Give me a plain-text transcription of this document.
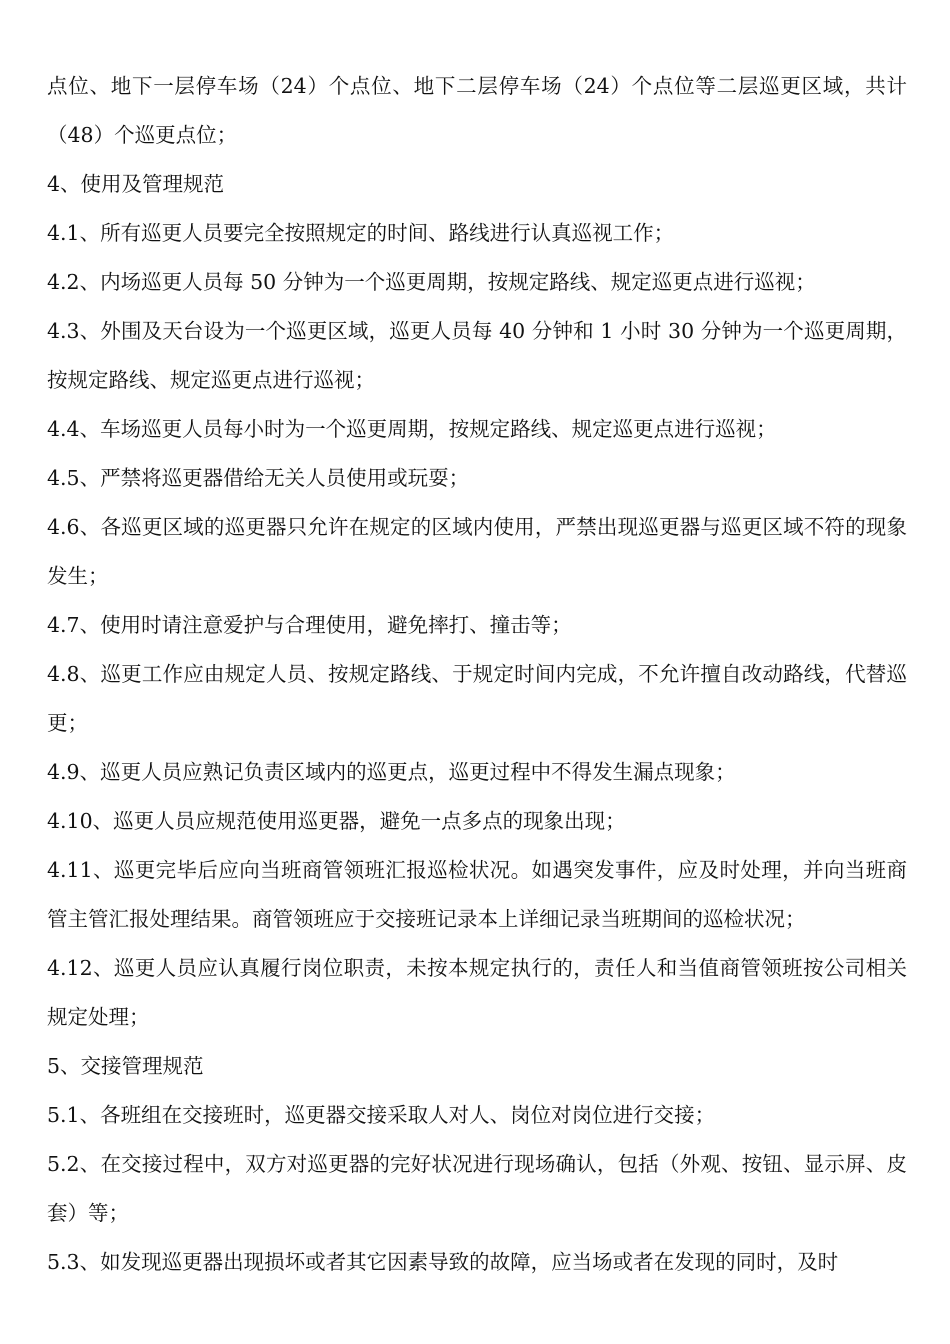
点位、地下一层停车场（24）个点位、地下二层停车场（24）个点位等二层巡更区域，共计（48）个巡更点位；

4、使用及管理规范

4.1、所有巡更人员要完全按照规定的时间、路线进行认真巡视工作；

4.2、内场巡更人员每 50 分钟为一个巡更周期，按规定路线、规定巡更点进行巡视；

4.3、外围及天台设为一个巡更区域，巡更人员每 40 分钟和 1 小时 30 分钟为一个巡更周期，按规定路线、规定巡更点进行巡视；

4.4、车场巡更人员每小时为一个巡更周期，按规定路线、规定巡更点进行巡视；

4.5、严禁将巡更器借给无关人员使用或玩耍；

4.6、各巡更区域的巡更器只允许在规定的区域内使用，严禁出现巡更器与巡更区域不符的现象发生；

4.7、使用时请注意爱护与合理使用，避免摔打、撞击等；

4.8、巡更工作应由规定人员、按规定路线、于规定时间内完成，不允许擅自改动路线，代替巡更；

4.9、巡更人员应熟记负责区域内的巡更点，巡更过程中不得发生漏点现象；

4.10、巡更人员应规范使用巡更器，避免一点多点的现象出现；

4.11、巡更完毕后应向当班商管领班汇报巡检状况。如遇突发事件，应及时处理，并向当班商管主管汇报处理结果。商管领班应于交接班记录本上详细记录当班期间的巡检状况；

4.12、巡更人员应认真履行岗位职责，未按本规定执行的，责任人和当值商管领班按公司相关规定处理；

5、交接管理规范

5.1、各班组在交接班时，巡更器交接采取人对人、岗位对岗位进行交接；

5.2、在交接过程中，双方对巡更器的完好状况进行现场确认，包括（外观、按钮、显示屏、皮套）等；

5.3、如发现巡更器出现损坏或者其它因素导致的故障，应当场或者在发现的同时，及时
